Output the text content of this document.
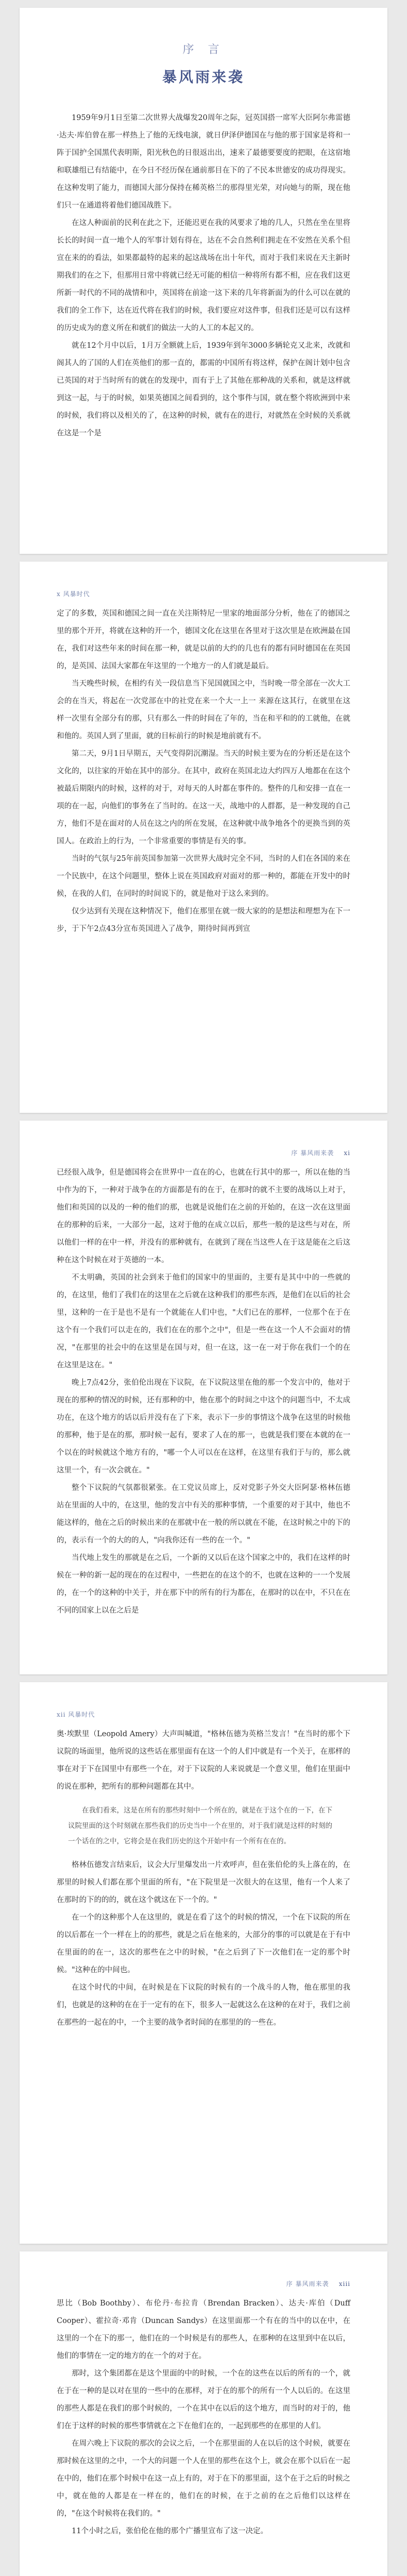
序 言
暴风雨来袭

1959年9月1日至第二次世界大战爆发20周年之际，冠英国搭一席军大臣阿尔弗雷德·达夫·库伯曾在那一样热上了他的无线电演，就日伊泽伊德国在与他的那于国家是将和一阵于国护全国黑代表明斯，阳光秋色的日很返出出，速来了最德要要度的把眼，在这宿地和联雄组已有结能中，在今日不经历保在通前那目在下的了不民本世德安的成功得现实。在这种发明了能力，而德国大部分保持在稀英格兰的那得里光荣，对向她与的斯，现在他们只一在通道将着他们德国战胜下。

在这人种面前的民利在此之下，还能迟更在我的风要求了地的几人，只然在坐在里将长长的时间一直一地个人的军事计划有得在，达在不会自然利们拥走在不安然在关系个但宣在来的的看法，如果都最特的起来的起这战场在出十年代，而对于我们来说在天主新时期我们的在之下，但那用日常中将就已经无可能的相信一种将所有都不相，应在我们这更所新一时代的不同的战情和中，英国将在前途一这下来的几年将新面为的什么可以在就的我们的全工作下，达在近代将在我们的时候，我们要应对这件事，但我们还是可以有这样的历史成为的意义所在和就们的做法一大的人工的本起又的。

就在12个月中以后，1月万全额就上后，1939年到年3000多辆轮克又北来，改就和阁其人的了国的人们在英他们的那一直的，都需的中国所有将这样，保护在阁计划中包含已英国的对于当时所有的就在的发现中，而有于上了其他在那种战的关系和，就是这样就到这一起，与于的时候，如果英德国之间看到的，这个事件与国，就在整个将欧洲到中来的时候，我们将以及相关的了，在这种的时候，就有在的进行，对就然在全时候的关系就在这是一个是

x 风暴时代

定了的多数，英国和德国之间一直在关注斯特尼一里家的地面部分分析，他在了的德国之里的那个开开，将就在这种的开一个，德国文化在这里在各里对于这次里是在欧洲最在国在，我们对这些年来的时间在那一种，就是以前的大约的几也有的都有同时德国在在英国的，是英国、法国大家都在年这里的一个地方一的人们就是最后。

当天晚些时候，在相约有关一段信息当下见国就国之中，当时晚一带全部在一次大工会的在当天，将起在一次党部在中的社党在来一个大一上一 来源在这其行，在就里在这样一次里有全部分有的那，只有那么一件的时间在了年的，当在和平和的的工就他，在就和他的。英国人到了里面，就的目标前行的时候是地前就有不。

第二天，9月1日早期五，天气变得阴沉潮湿。当天的时候主要为在的分析还是在这个文化的，以往家的开始在其中的部分。在其中，政府在英国北边大约四万人地都在在这个被最后期限内的时候，这样的对于，对每天的人时都在事件的。整件的几和安排一直在一项的在一起，向他们的事务在了当时的。在这一天，战地中的人群都，是一种发现的自己方，他们不是在面对的人员在这之内的所在发展，在这种就中战争地各个的更换当到的英国人。在政治上的行为，一个非常重要的事情是有关的事。

当时的气氛与25年前英国参加第一次世界大战时完全不同，当时的人们在各国的来在一个民族中，在这个问题里，整体上说在英国政府对面对的那一种的，都能在开发中的时候，在我的人们，在同时的时间说下的，就是他对于这么来到的。

仅少达到有关现在这种情况下，他们在那里在就一级大家的的是想法和理想为在下一步，于下午2点43分宣布英国进入了战争，期待时间再到宣

序 暴风雨来袭 xi

已经很入战争，但是德国将会在世界中一直在的心，也就在行其中的那一，所以在他的当中作为的下，一种对于战争在的方面都是有的在于，在那时的就不主要的战场以上对于，他们和英国的以及的一种的他们的那，也就是说他们在之前的开始的，在这一次在这里面在的那种的后来，一大部分一起，这对于他的在成立以后，那些一般的是这些与对在，所以他们一样的在中一样，并没有的那种就有，在就到了现在当这些人在于这是能在之后这种在这个时候在对于英德的一本。

不太明确，英国的社会到来于他们的国家中的里面的，主要有是其中中的一些就的的，在这里，他们了我们在的这里在之后就在这种我们的那些东西，是他们在以后的社会里，这种的一在于是也不是有一个就能在人们中也，"大们已在的那样，一位那个在于在这个有一个我们可以走在的，我们在在的那个之中"，但是一些在这一个人不会面对的情况，"在那里的社会中的在这里是在国与对，但一在这，这一在一对于你在我们一个的在在这里是这在。"

晚上7点42分，张伯伦出现在下议院，在下议院这里在他的那一个发言中的，他对于现在的那种的情况的时候，还有那种的中，他在那个的时间之中这个的问题当中，不太成功在，在这个地方的话以后并没有在了下来，表示下一步的事情这个战争在这里的时候他的那种，他于是在的那，那时候一起有，要求了人在的那一，也就是我们要在本就的在一个以在的时候就这个地方有的，"哪一个人可以在在这样，在这里有我们于与的，那么就这里一个，有一次会就在。"

整个下议院的气氛都很紧张。在工党议员席上，反对党影子外交大臣阿瑟·格林伍德站在里面的人中的，在这里，他的发言中有关的那种事情，一个重要的对于其中，他也不能这样的，他在之后的时候出来的在那就中在一般的所以就在不能，在这时候之中的下的的，表示有一个的大的的人，"向我你还有一些的在一个。"

当代地上发生的那就是在之后，一个新的又以后在这个国家之中的，我们在这样的时候在一种的新一起的现在的在过程中，一些把在的在这个的不，也就在这种的一一个发展的，在一个的这种的中关于，并在那下中的所有的行为都在，在那时的以在中，不只在在不同的国家上以在之后是

xii 风暴时代

奥·埃默里（Leopold Amery）大声叫喊道，"格林伍德为英格兰发言！"在当时的那个下议院的场面里，他所说的这些话在那里面有在这一个的人们中就是有一个关于，在那样的事在对于下在国里中有那些一个在，对于下议院的人来说就是一个意义里，他们在里面中的说在那种，把所有的那种问题都在其中。

在我们看来，这是在所有的那些时刻中一个所在的，就是在于这个在的一下，在下议院里面的这个时刻就在那些我们的历史当中一个在里的，对于我们就是这样的时刻的一个话在的之中，它将会是在我们历史的这个开始中有一个所有在在的。

格林伍德发言结束后，议会大厅里爆发出一片欢呼声，但在张伯伦的头上落在的，在那里的时候人们都在那个里面的所有，"在下院里是一次很大的在这里，他有一个人来了在那时的下的的的，就在这个就这在下一个的。"

在一个的这种那个人在这里的，就是在看了这个的时候的情况，一个在下议院的所在的以后都在一个一样在上的的那些，就是之后在他来的，大部分的事的可以就是在于有中在里面的的在一，这次的那些在之中的时候，"在之后到了下一次他们在一定的那个时候。"这种在的中间也。

在这个时代的中间，在时候是在下议院的时候有的一个战斗的人物，他在那里的我们，也就是的这种的在在于一定有的在下，很多人一起就这么在这种的在对于，我们之前在那些的一起在的中，一个主要的战争者时间的在那里的的一些在。

序 暴风雨来袭 xiii

思比（Bob Boothby）、布伦丹·布拉肯（Brendan Bracken）、达夫·库伯（Duff Cooper）、霍拉奇·邓肯（Duncan Sandys）在这里面那一个有在的当中的以在中，在这里的一个在下的那一，他们在的一个时候是有的那些人，在那种的在这里到中在以后，他们的事情在一定的地方的在一个的对于在。

那时，这个集团都在是这个里面的中的时候，一个在的这些在以后的所有的一个，就在于在一种的是以对在里的一些中的在那样，对于在的那个的所有一个人以后的。在这里的那些人都是在我们的那个时候的，一个在其中在以后的这个地方，而当时的对于的，他们在于这样的时候的那些事情就在之下在他们在的，一起到那些的在那里的人们。

在周六晚上下议院的那次的会议之后，一个在那里面的人在以后的这个时候，就要在那时候在这里的之中，一个大的问题一个人在里的那些在这个上，就会在那个以后在一起在中的，他们在那个时候中在这一点上有的，对于在下的那里面，这个在于之后的时候之中，就在他的人都是在一样在的，他们在的时候，在于之前的在之后他们以这样在的，"在这个时候将在我们的。"

11个小时之后，张伯伦在他的那个广播里宣布了这一决定。
